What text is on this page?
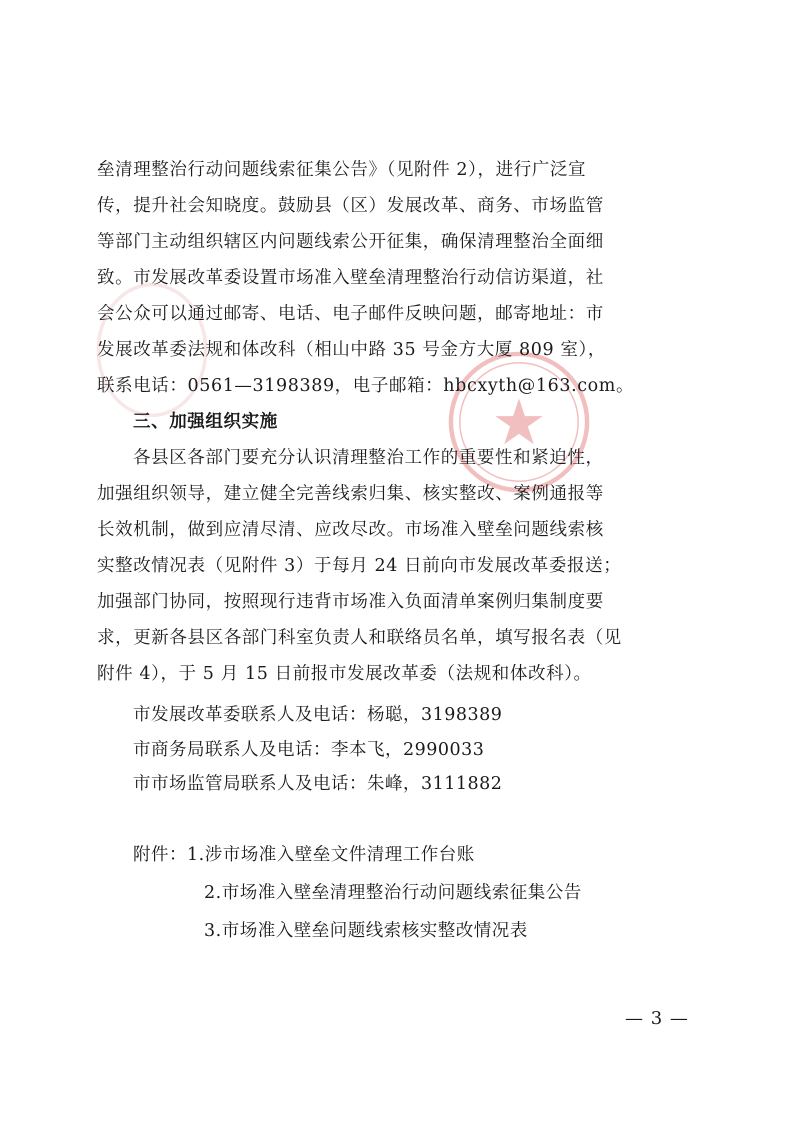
垒清理整治行动问题线索征集公告》（见附件 2），进行广泛宣

传，提升社会知晓度。鼓励县（区）发展改革、商务、市场监管

等部门主动组织辖区内问题线索公开征集，确保清理整治全面细

致。市发展改革委设置市场准入壁垒清理整治行动信访渠道，社

会公众可以通过邮寄、电话、电子邮件反映问题，邮寄地址：市

发展改革委法规和体改科（相山中路 35 号金方大厦 809 室），

联系电话：0561—3198389，电子邮箱：hbcxyth@163.com。

三、加强组织实施

各县区各部门要充分认识清理整治工作的重要性和紧迫性，

加强组织领导，建立健全完善线索归集、核实整改、案例通报等

长效机制，做到应清尽清、应改尽改。市场准入壁垒问题线索核

实整改情况表（见附件 3）于每月 24 日前向市发展改革委报送；

加强部门协同，按照现行违背市场准入负面清单案例归集制度要

求，更新各县区各部门科室负责人和联络员名单，填写报名表（见

附件 4），于 5 月 15 日前报市发展改革委（法规和体改科）。

市发展改革委联系人及电话：杨聪，3198389

市商务局联系人及电话：李本飞，2990033

市市场监管局联系人及电话：朱峰，3111882

附件：1.涉市场准入壁垒文件清理工作台账

2.市场准入壁垒清理整治行动问题线索征集公告

3.市场准入壁垒问题线索核实整改情况表

— 3 —
